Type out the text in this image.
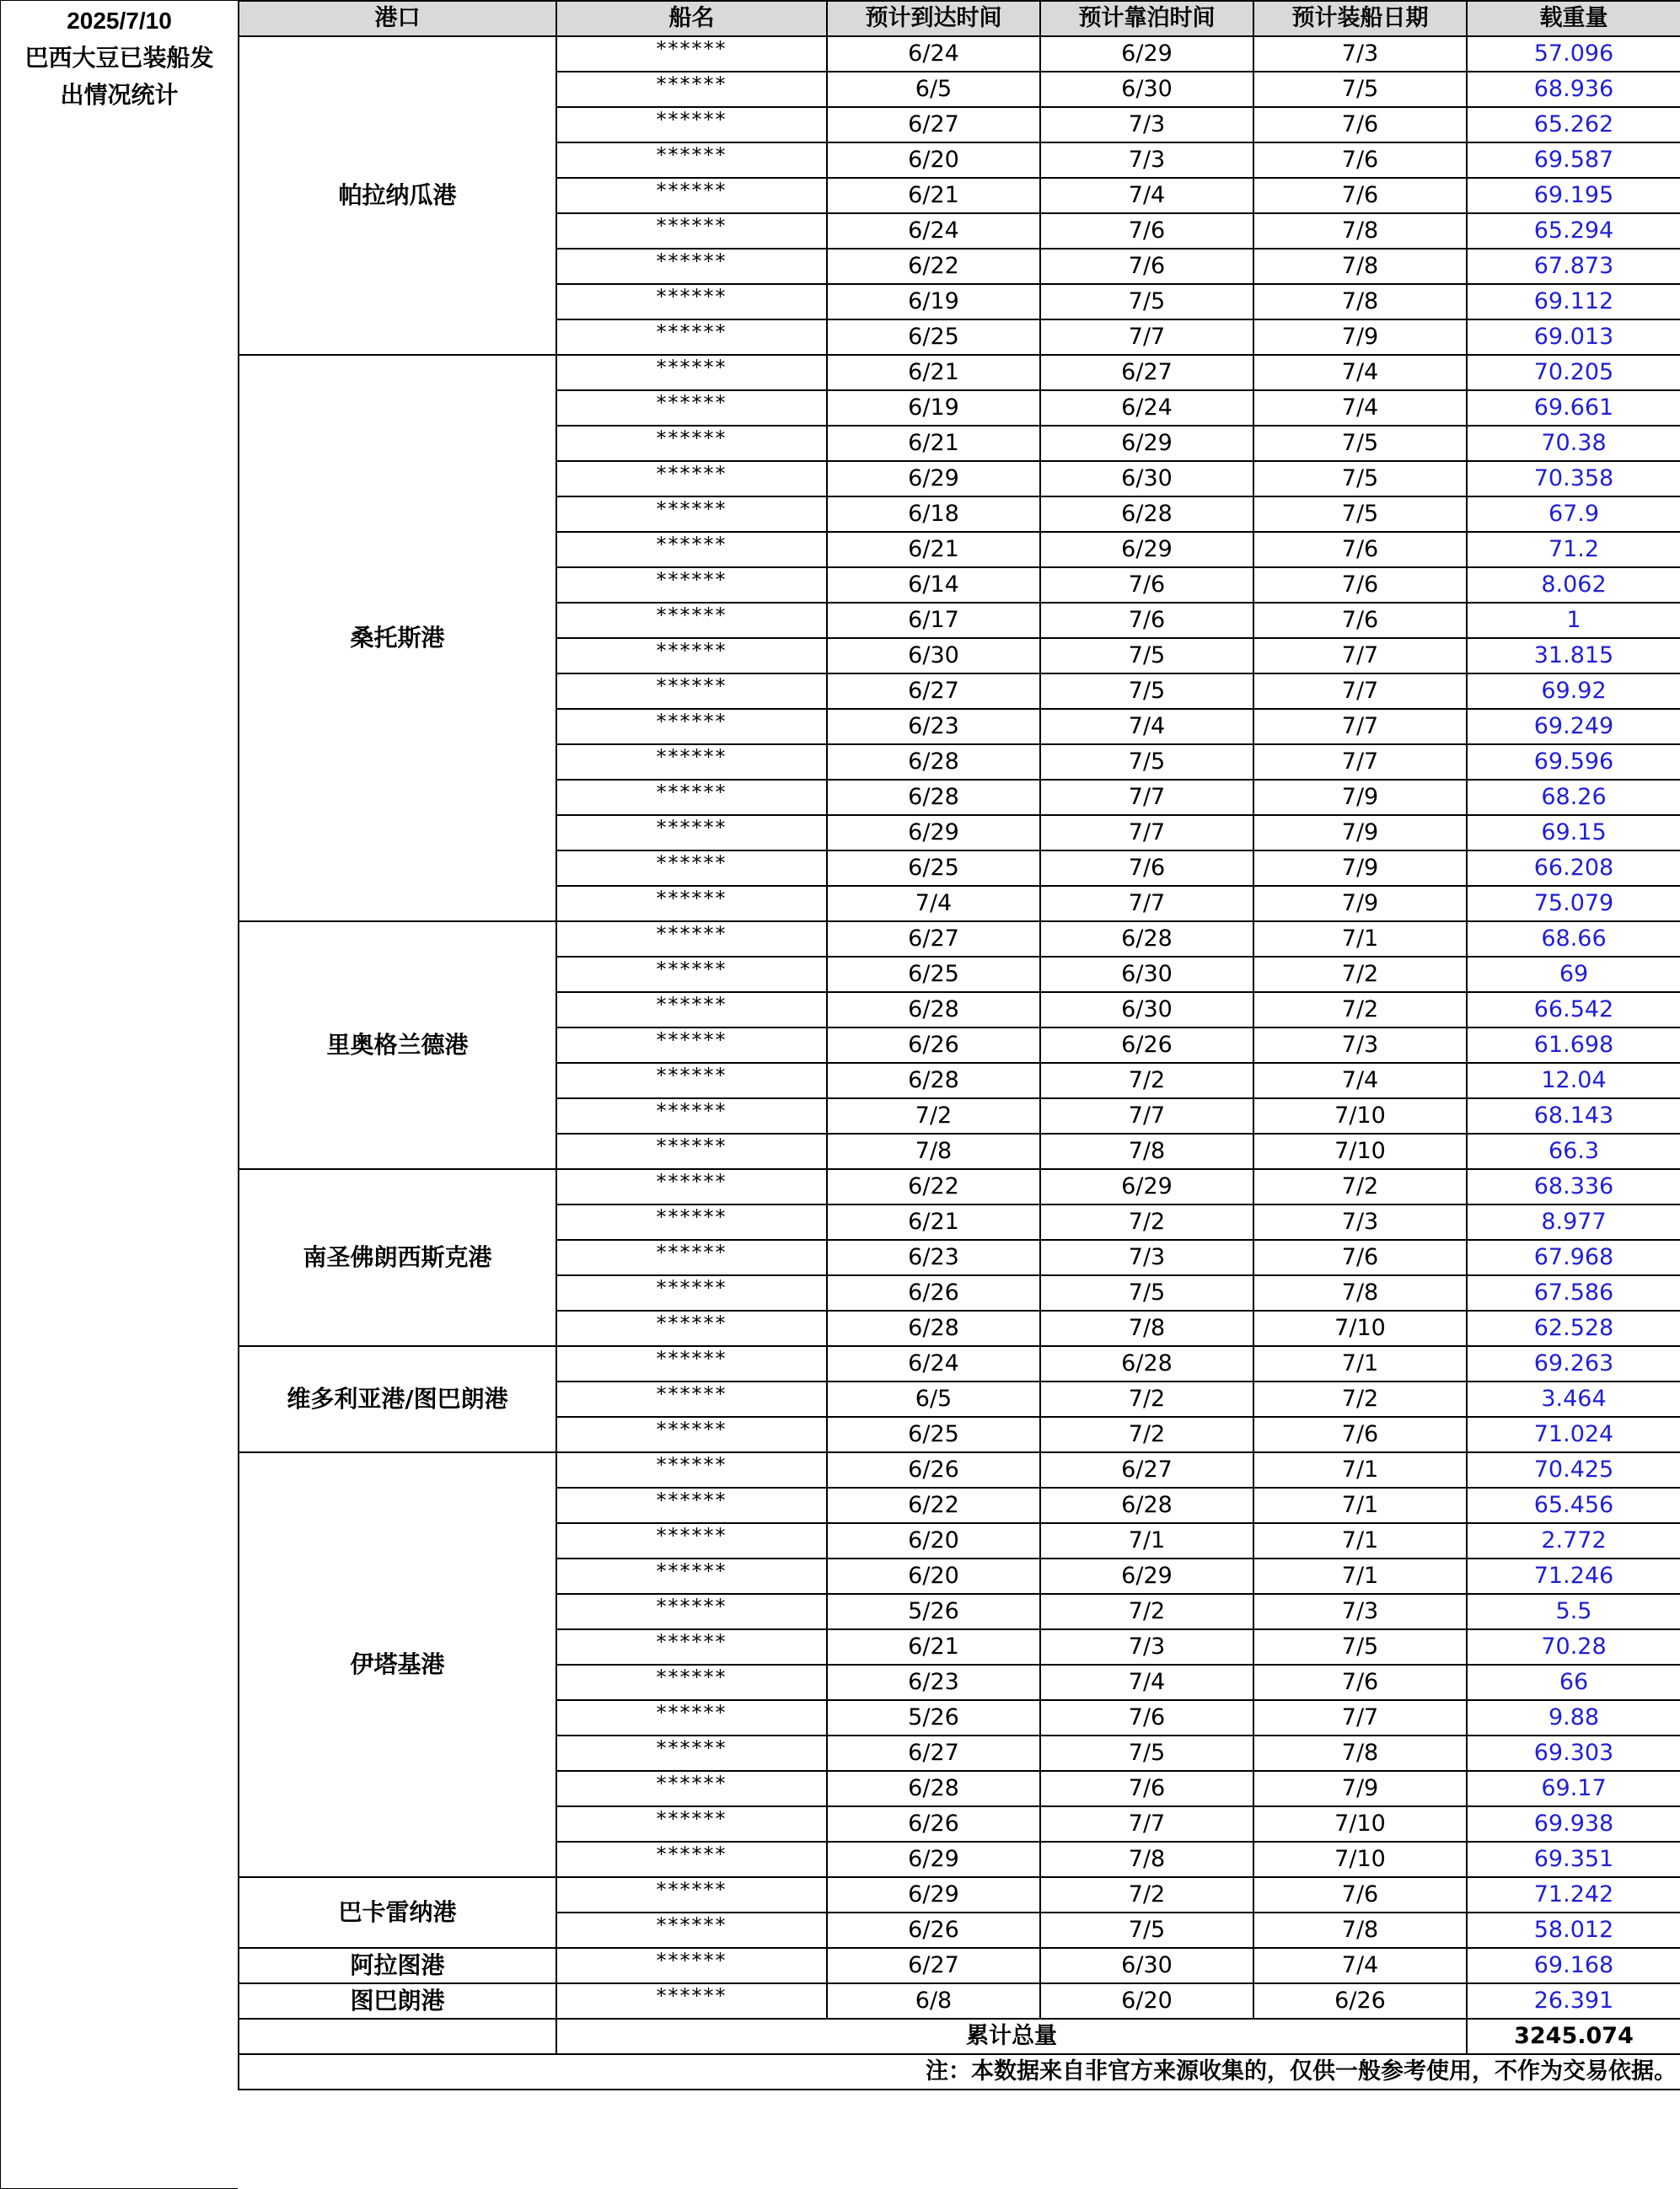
2025/7/10
巴西大豆已装船发
出情况统计
港口	船名	预计到达时间	预计靠泊时间	预计装船日期	载重量
帕拉纳瓜港	******	6/24	6/29	7/3	57.096
	******	6/5	6/30	7/5	68.936
	******	6/27	7/3	7/6	65.262
	******	6/20	7/3	7/6	69.587
	******	6/21	7/4	7/6	69.195
	******	6/24	7/6	7/8	65.294
	******	6/22	7/6	7/8	67.873
	******	6/19	7/5	7/8	69.112
	******	6/25	7/7	7/9	69.013
桑托斯港	******	6/21	6/27	7/4	70.205
	******	6/19	6/24	7/4	69.661
	******	6/21	6/29	7/5	70.38
	******	6/29	6/30	7/5	70.358
	******	6/18	6/28	7/5	67.9
	******	6/21	6/29	7/6	71.2
	******	6/14	7/6	7/6	8.062
	******	6/17	7/6	7/6	1
	******	6/30	7/5	7/7	31.815
	******	6/27	7/5	7/7	69.92
	******	6/23	7/4	7/7	69.249
	******	6/28	7/5	7/7	69.596
	******	6/28	7/7	7/9	68.26
	******	6/29	7/7	7/9	69.15
	******	6/25	7/6	7/9	66.208
	******	7/4	7/7	7/9	75.079
里奥格兰德港	******	6/27	6/28	7/1	68.66
	******	6/25	6/30	7/2	69
	******	6/28	6/30	7/2	66.542
	******	6/26	6/26	7/3	61.698
	******	6/28	7/2	7/4	12.04
	******	7/2	7/7	7/10	68.143
	******	7/8	7/8	7/10	66.3
南圣佛朗西斯克港	******	6/22	6/29	7/2	68.336
	******	6/21	7/2	7/3	8.977
	******	6/23	7/3	7/6	67.968
	******	6/26	7/5	7/8	67.586
	******	6/28	7/8	7/10	62.528
维多利亚港/图巴朗港	******	6/24	6/28	7/1	69.263
	******	6/5	7/2	7/2	3.464
	******	6/25	7/2	7/6	71.024
伊塔基港	******	6/26	6/27	7/1	70.425
	******	6/22	6/28	7/1	65.456
	******	6/20	7/1	7/1	2.772
	******	6/20	6/29	7/1	71.246
	******	5/26	7/2	7/3	5.5
	******	6/21	7/3	7/5	70.28
	******	6/23	7/4	7/6	66
	******	5/26	7/6	7/7	9.88
	******	6/27	7/5	7/8	69.303
	******	6/28	7/6	7/9	69.17
	******	6/26	7/7	7/10	69.938
	******	6/29	7/8	7/10	69.351
巴卡雷纳港	******	6/29	7/2	7/6	71.242
	******	6/26	7/5	7/8	58.012
阿拉图港	******	6/27	6/30	7/4	69.168
图巴朗港	******	6/8	6/20	6/26	26.391
	累计总量				3245.074
注：本数据来自非官方来源收集的，仅供一般参考使用，不作为交易依据。					
